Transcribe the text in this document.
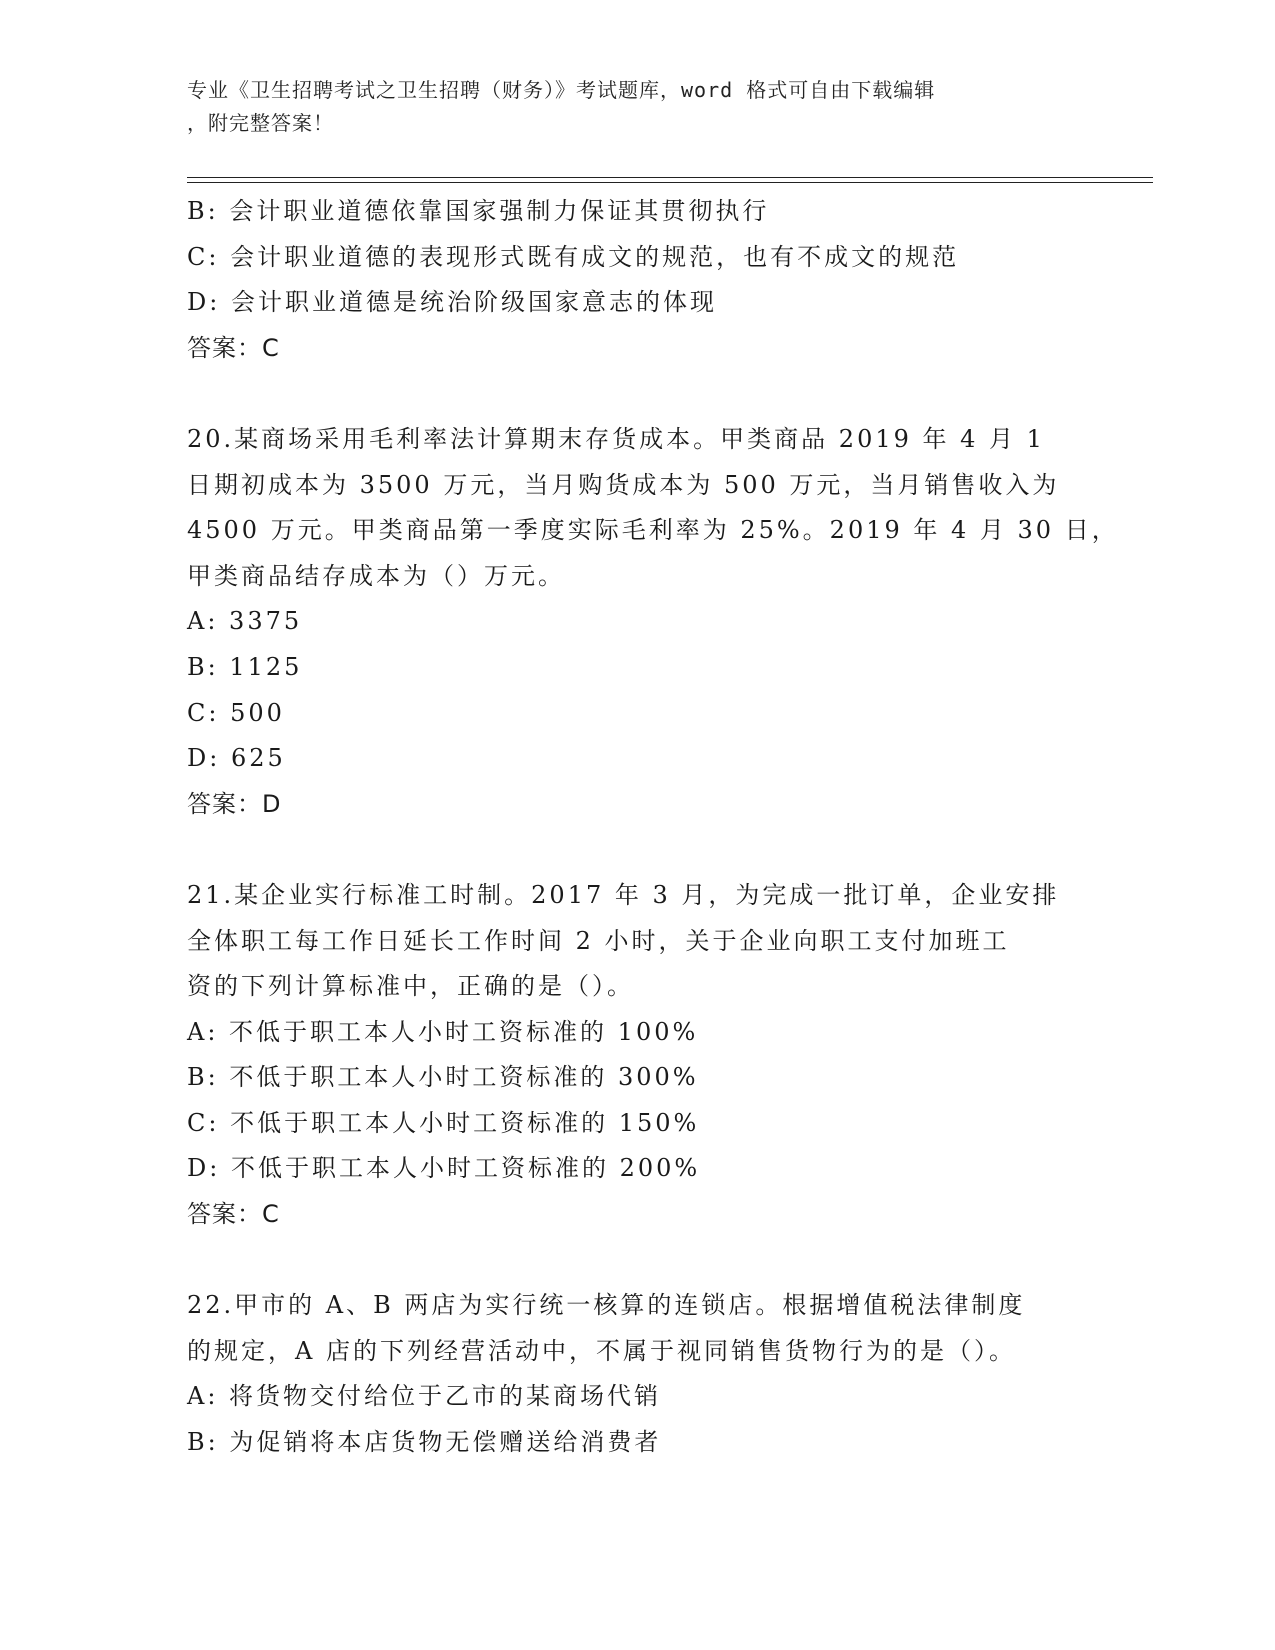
专业《卫生招聘考试之卫生招聘（财务）》考试题库，word 格式可自由下载编辑
，附完整答案！
B: 会计职业道德依靠国家强制力保证其贯彻执行
C: 会计职业道德的表现形式既有成文的规范，也有不成文的规范
D: 会计职业道德是统治阶级国家意志的体现
答案：C
20.某商场采用毛利率法计算期末存货成本。甲类商品 2019 年 4 月 1
日期初成本为 3500 万元，当月购货成本为 500 万元，当月销售收入为
4500 万元。甲类商品第一季度实际毛利率为 25%。2019 年 4 月 30 日，
甲类商品结存成本为（）万元。
A: 3375
B: 1125
C: 500
D: 625
答案：D
21.某企业实行标准工时制。2017 年 3 月，为完成一批订单，企业安排
全体职工每工作日延长工作时间 2 小时，关于企业向职工支付加班工
资的下列计算标准中，正确的是（）。
A: 不低于职工本人小时工资标准的 100%
B: 不低于职工本人小时工资标准的 300%
C: 不低于职工本人小时工资标准的 150%
D: 不低于职工本人小时工资标准的 200%
答案：C
22.甲市的 A、B 两店为实行统一核算的连锁店。根据增值税法律制度
的规定，A 店的下列经营活动中，不属于视同销售货物行为的是（）。
A: 将货物交付给位于乙市的某商场代销
B: 为促销将本店货物无偿赠送给消费者
